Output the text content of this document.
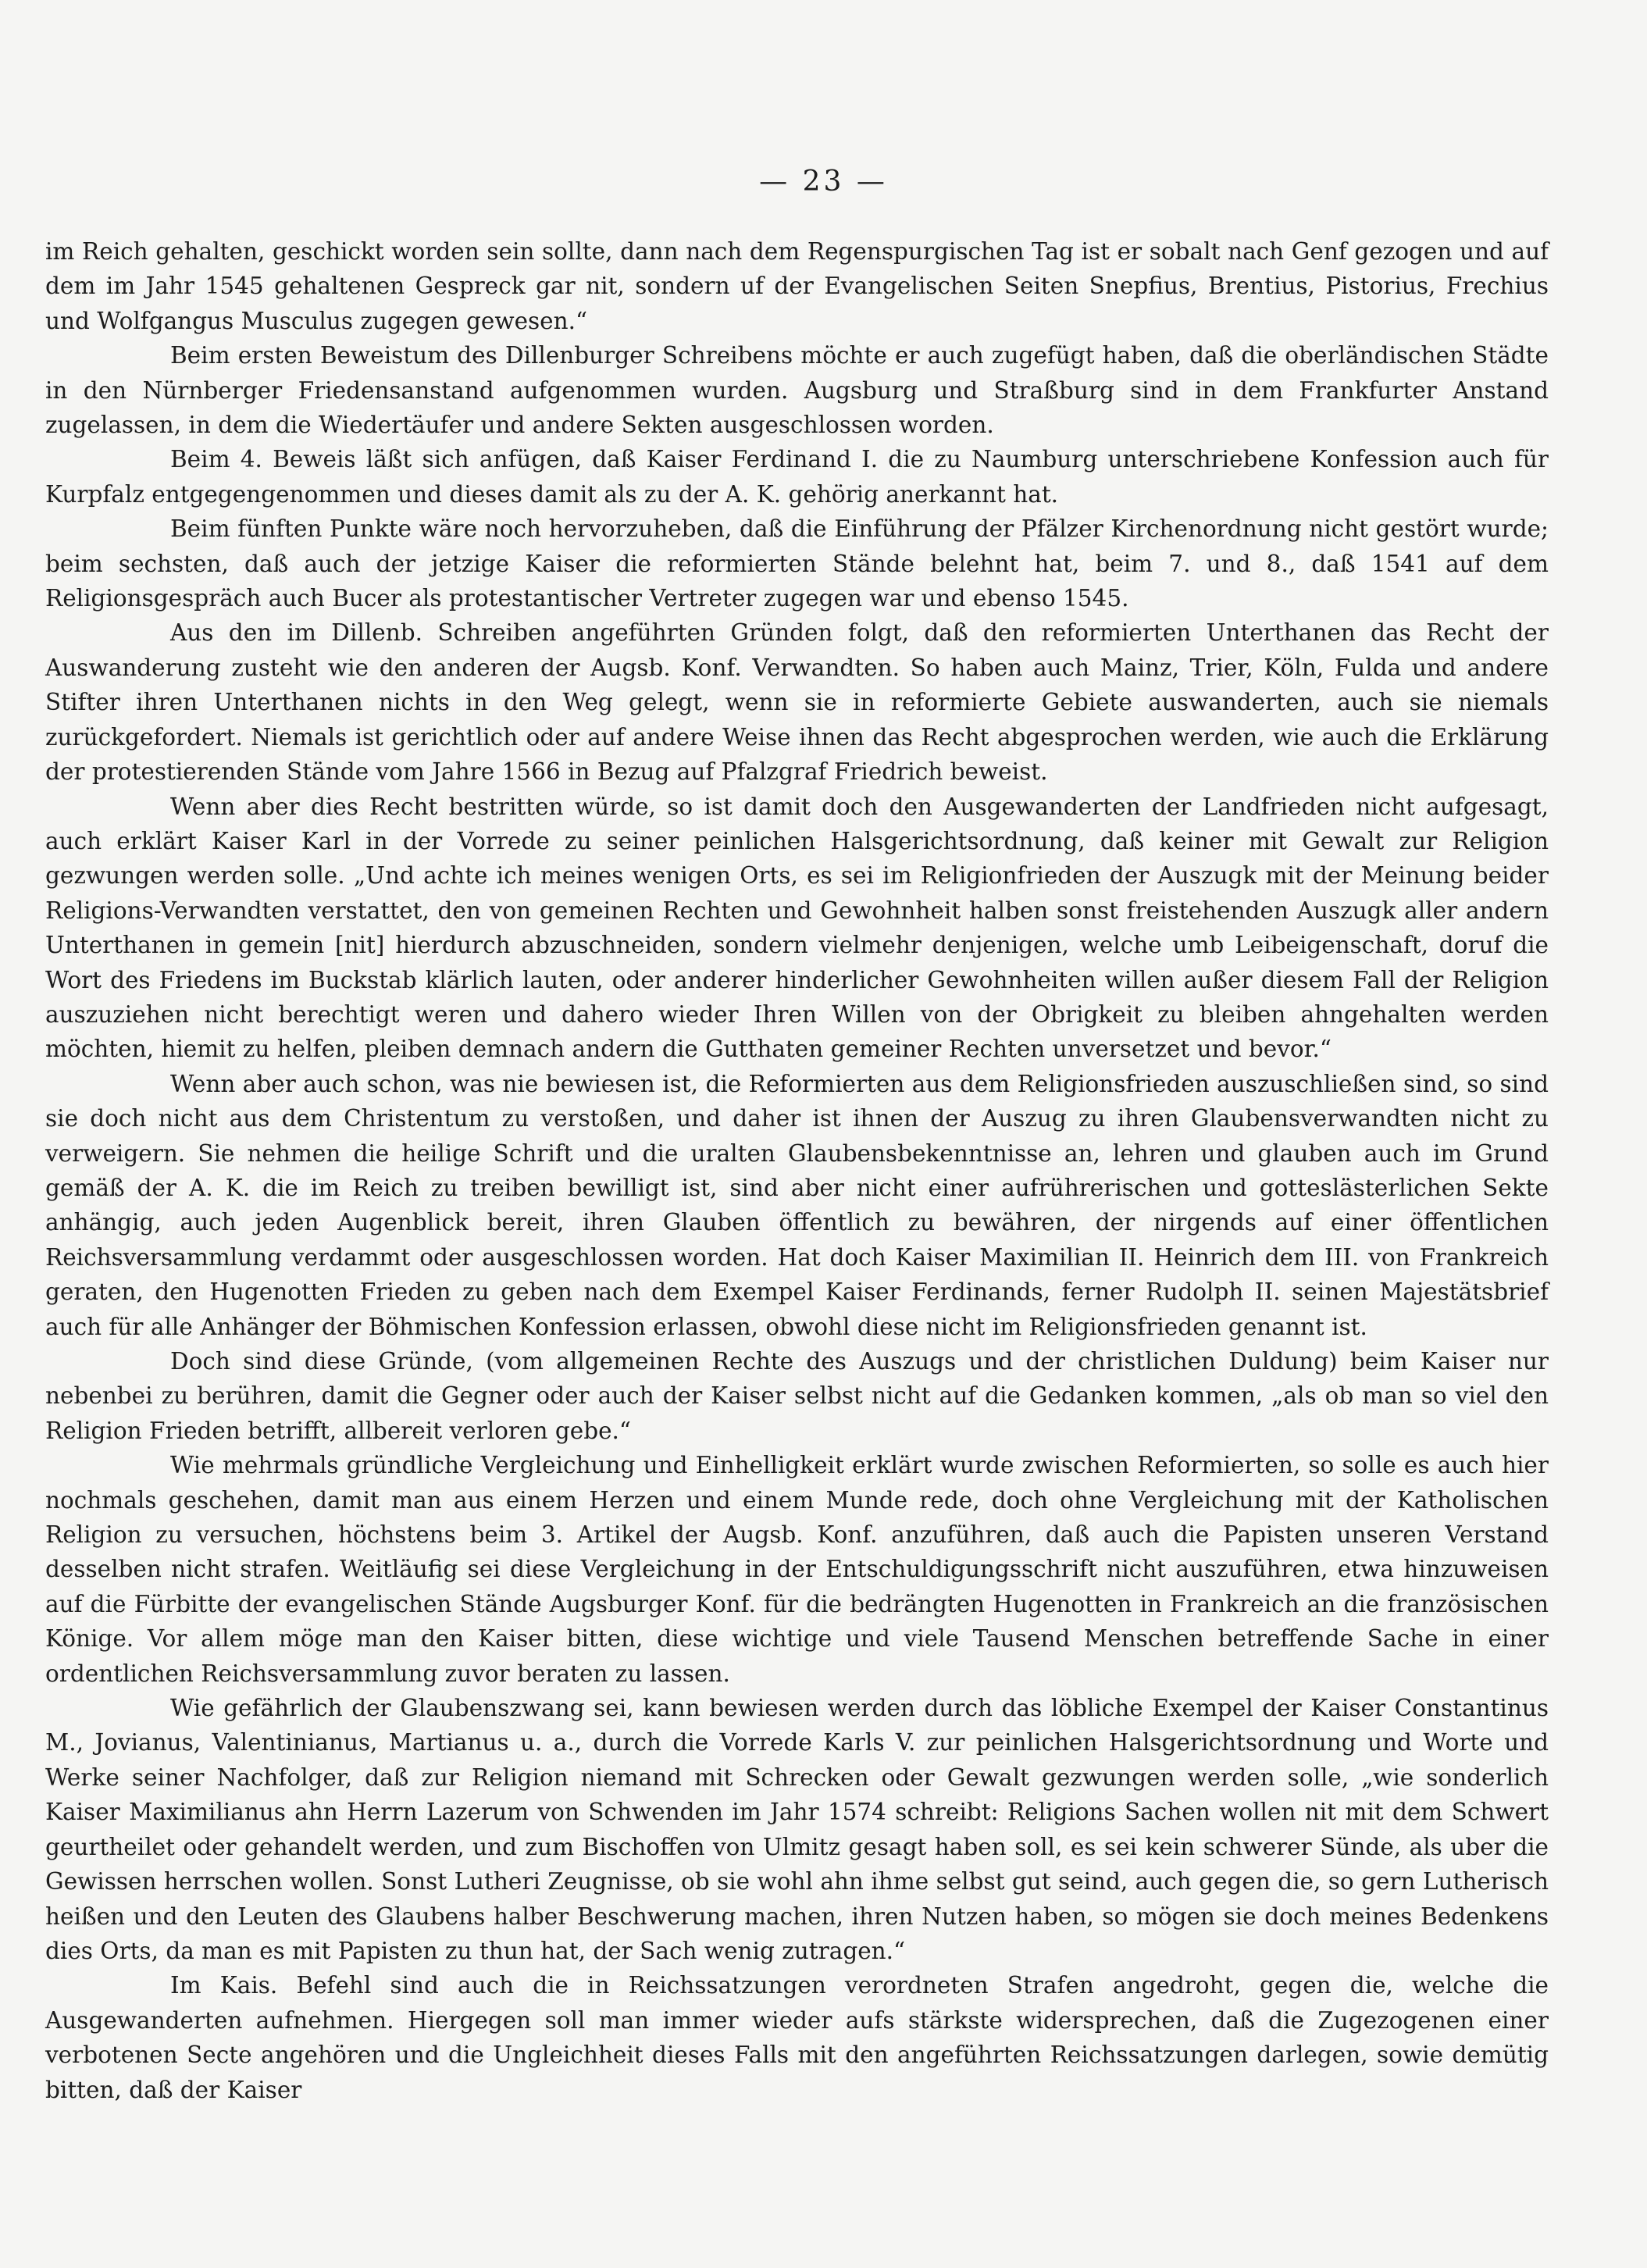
— 23 —

im Reich gehalten, geschickt worden sein sollte, dann nach dem Regenspurgischen Tag ist er sobalt nach Genf gezogen und auf dem im Jahr 1545 gehaltenen Gespreck gar nit, sondern uf der Evangelischen Seiten Snepfius, Brentius, Pistorius, Frechius und Wolfgangus Musculus zugegen gewesen.“

Beim ersten Beweistum des Dillenburger Schreibens möchte er auch zugefügt haben, daß die oberländischen Städte in den Nürnberger Friedensanstand aufgenommen wurden. Augsburg und Straßburg sind in dem Frankfurter Anstand zugelassen, in dem die Wiedertäufer und andere Sekten ausgeschlossen worden.

Beim 4. Beweis läßt sich anfügen, daß Kaiser Ferdinand I. die zu Naumburg unterschriebene Konfession auch für Kurpfalz entgegengenommen und dieses damit als zu der A. K. gehörig anerkannt hat.

Beim fünften Punkte wäre noch hervorzuheben, daß die Einführung der Pfälzer Kirchenordnung nicht gestört wurde; beim sechsten, daß auch der jetzige Kaiser die reformierten Stände belehnt hat, beim 7. und 8., daß 1541 auf dem Religionsgespräch auch Bucer als protestantischer Vertreter zugegen war und ebenso 1545.

Aus den im Dillenb. Schreiben angeführten Gründen folgt, daß den reformierten Unterthanen das Recht der Auswanderung zusteht wie den anderen der Augsb. Konf. Verwandten. So haben auch Mainz, Trier, Köln, Fulda und andere Stifter ihren Unterthanen nichts in den Weg gelegt, wenn sie in reformierte Gebiete auswanderten, auch sie niemals zurückgefordert. Niemals ist gerichtlich oder auf andere Weise ihnen das Recht abgesprochen werden, wie auch die Erklärung der protestierenden Stände vom Jahre 1566 in Bezug auf Pfalzgraf Friedrich beweist.

Wenn aber dies Recht bestritten würde, so ist damit doch den Ausgewanderten der Landfrieden nicht aufgesagt, auch erklärt Kaiser Karl in der Vorrede zu seiner peinlichen Halsgerichtsordnung, daß keiner mit Gewalt zur Religion gezwungen werden solle. „Und achte ich meines wenigen Orts, es sei im Religionfrieden der Auszugk mit der Meinung beider Religions-Verwandten verstattet, den von gemeinen Rechten und Gewohnheit halben sonst freistehenden Auszugk aller andern Unterthanen in gemein [nit] hierdurch abzuschneiden, sondern vielmehr denjenigen, welche umb Leibeigenschaft, doruf die Wort des Friedens im Buckstab klärlich lauten, oder anderer hinderlicher Gewohnheiten willen außer diesem Fall der Religion auszuziehen nicht berechtigt weren und dahero wieder Ihren Willen von der Obrigkeit zu bleiben ahngehalten werden möchten, hiemit zu helfen, pleiben demnach andern die Gutthaten gemeiner Rechten unversetzet und bevor.“

Wenn aber auch schon, was nie bewiesen ist, die Reformierten aus dem Religionsfrieden auszuschließen sind, so sind sie doch nicht aus dem Christentum zu verstoßen, und daher ist ihnen der Auszug zu ihren Glaubensverwandten nicht zu verweigern. Sie nehmen die heilige Schrift und die uralten Glaubensbekenntnisse an, lehren und glauben auch im Grund gemäß der A. K. die im Reich zu treiben bewilligt ist, sind aber nicht einer aufrührerischen und gotteslästerlichen Sekte anhängig, auch jeden Augenblick bereit, ihren Glauben öffentlich zu bewähren, der nirgends auf einer öffentlichen Reichsversammlung verdammt oder ausgeschlossen worden. Hat doch Kaiser Maximilian II. Heinrich dem III. von Frankreich geraten, den Hugenotten Frieden zu geben nach dem Exempel Kaiser Ferdinands, ferner Rudolph II. seinen Majestätsbrief auch für alle Anhänger der Böhmischen Konfession erlassen, obwohl diese nicht im Religionsfrieden genannt ist.

Doch sind diese Gründe, (vom allgemeinen Rechte des Auszugs und der christlichen Duldung) beim Kaiser nur nebenbei zu berühren, damit die Gegner oder auch der Kaiser selbst nicht auf die Gedanken kommen, „als ob man so viel den Religion Frieden betrifft, allbereit verloren gebe.“

Wie mehrmals gründliche Vergleichung und Einhelligkeit erklärt wurde zwischen Reformierten, so solle es auch hier nochmals geschehen, damit man aus einem Herzen und einem Munde rede, doch ohne Vergleichung mit der Katholischen Religion zu versuchen, höchstens beim 3. Artikel der Augsb. Konf. anzuführen, daß auch die Papisten unseren Verstand desselben nicht strafen. Weitläufig sei diese Vergleichung in der Entschuldigungsschrift nicht auszuführen, etwa hinzuweisen auf die Fürbitte der evangelischen Stände Augsburger Konf. für die bedrängten Hugenotten in Frankreich an die französischen Könige. Vor allem möge man den Kaiser bitten, diese wichtige und viele Tausend Menschen betreffende Sache in einer ordentlichen Reichsversammlung zuvor beraten zu lassen.

Wie gefährlich der Glaubenszwang sei, kann bewiesen werden durch das löbliche Exempel der Kaiser Constantinus M., Jovianus, Valentinianus, Martianus u. a., durch die Vorrede Karls V. zur peinlichen Halsgerichtsordnung und Worte und Werke seiner Nachfolger, daß zur Religion niemand mit Schrecken oder Gewalt gezwungen werden solle, „wie sonderlich Kaiser Maximilianus ahn Herrn Lazerum von Schwenden im Jahr 1574 schreibt: Religions Sachen wollen nit mit dem Schwert geurtheilet oder gehandelt werden, und zum Bischoffen von Ulmitz gesagt haben soll, es sei kein schwerer Sünde, als uber die Gewissen herrschen wollen. Sonst Lutheri Zeugnisse, ob sie wohl ahn ihme selbst gut seind, auch gegen die, so gern Lutherisch heißen und den Leuten des Glaubens halber Beschwerung machen, ihren Nutzen haben, so mögen sie doch meines Bedenkens dies Orts, da man es mit Papisten zu thun hat, der Sach wenig zutragen.“

Im Kais. Befehl sind auch die in Reichssatzungen verordneten Strafen angedroht, gegen die, welche die Ausgewanderten aufnehmen. Hiergegen soll man immer wieder aufs stärkste widersprechen, daß die Zugezogenen einer verbotenen Secte angehören und die Ungleichheit dieses Falls mit den angeführten Reichssatzungen darlegen, sowie demütig bitten, daß der Kaiser
